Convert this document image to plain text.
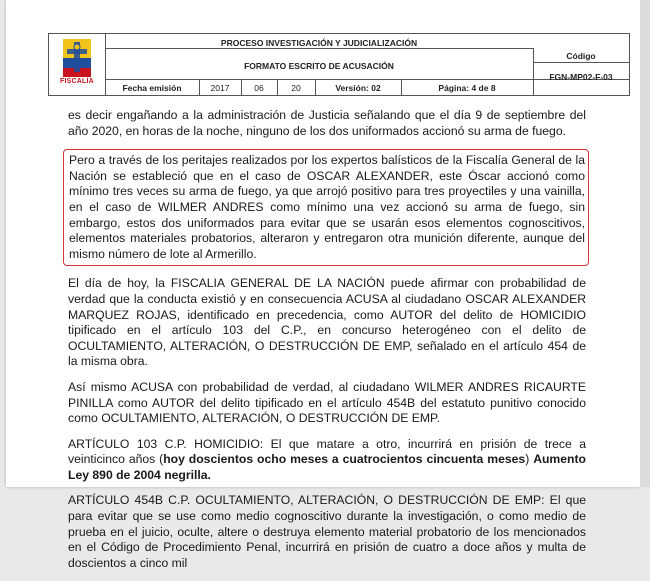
FISCALÍA
PROCESO INVESTIGACIÓN Y JUDICIALIZACIÓN
FORMATO ESCRITO DE ACUSACIÓN
Código
FGN-MP02-F-03
Fecha emisión	2017	06	20	Versión: 02	Página: 4 de 8

es decir engañando a la administración de Justicia señalando que el día 9 de septiembre del año 2020, en horas de la noche, ninguno de los dos uniformados accionó su arma de fuego.

Pero a través de los peritajes realizados por los expertos balísticos de la Fiscalía General de la Nación se estableció que en el caso de OSCAR ALEXANDER, este Óscar accionó como mínimo tres veces su arma de fuego, ya que arrojó positivo para tres proyectiles y una vainilla, en el caso de WILMER ANDRES como mínimo una vez accionó su arma de fuego, sin embargo, estos dos uniformados para evitar que se usarán esos elementos cognoscitivos, elementos materiales probatorios, alteraron y entregaron otra munición diferente, aunque del mismo número de lote al Armerillo.

El día de hoy, la FISCALIA GENERAL DE LA NACIÓN puede afirmar con probabilidad de verdad que la conducta existió y en consecuencia ACUSA al ciudadano OSCAR ALEXANDER MARQUEZ ROJAS, identificado en precedencia, como AUTOR del delito de HOMICIDIO tipificado en el artículo 103 del C.P., en concurso heterogéneo con el delito de OCULTAMIENTO, ALTERACIÓN, O DESTRUCCIÓN DE EMP, señalado en el artículo 454 de la misma obra.

Así mismo ACUSA con probabilidad de verdad, al ciudadano WILMER ANDRES RICAURTE PINILLA como AUTOR del delito tipificado en el artículo 454B del estatuto punitivo conocido como OCULTAMIENTO, ALTERACIÓN, O DESTRUCCIÓN DE EMP.

ARTÍCULO 103 C.P. HOMICIDIO: El que matare a otro, incurrirá en prisión de trece a veinticinco años (hoy doscientos ocho meses a cuatrocientos cincuenta meses) Aumento Ley 890 de 2004 negrilla.

ARTÍCULO 454B C.P. OCULTAMIENTO, ALTERACIÓN, O DESTRUCCIÓN DE EMP: El que para evitar que se use como medio cognoscitivo durante la investigación, o como medio de prueba en el juicio, oculte, altere o destruya elemento material probatorio de los mencionados en el Código de Procedimiento Penal, incurrirá en prisión de cuatro a doce años y multa de doscientos a cinco mil
